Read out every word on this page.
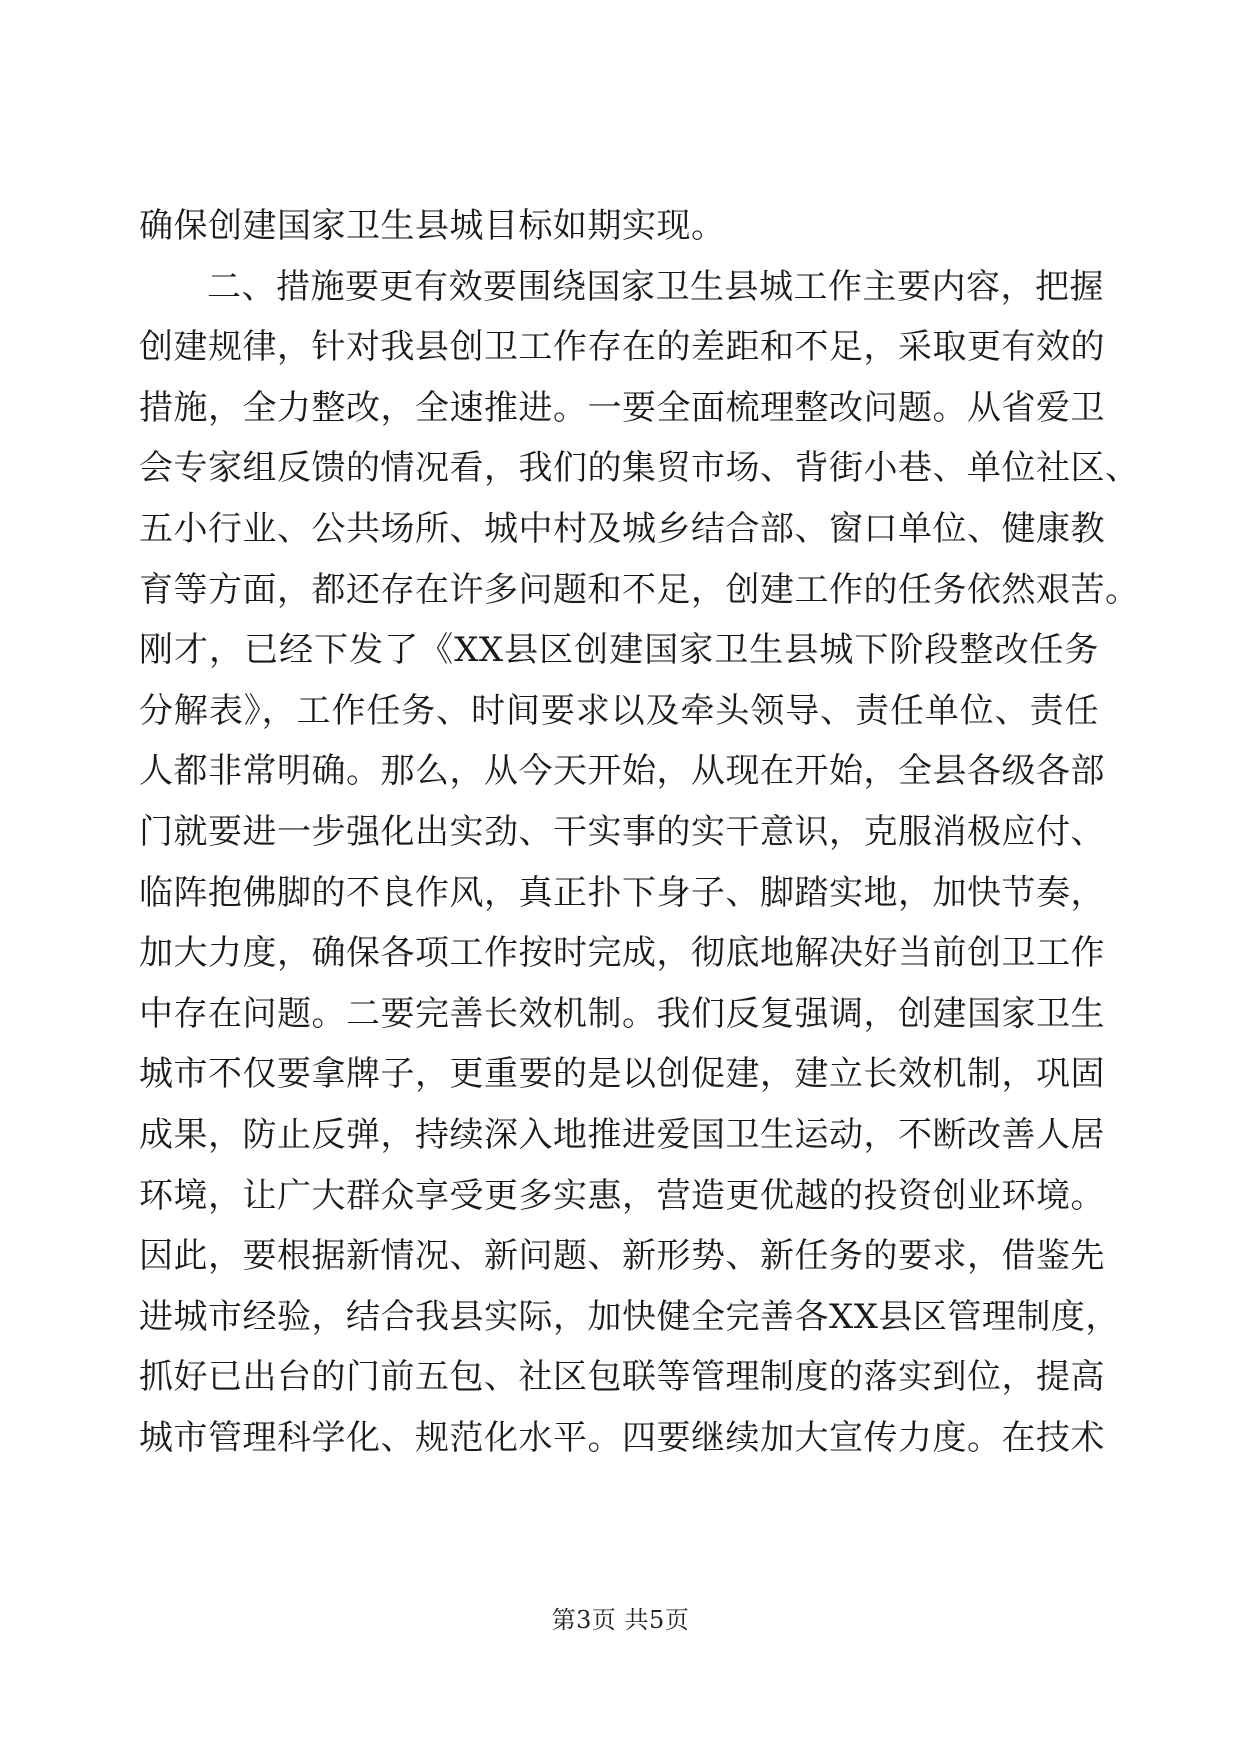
确保创建国家卫生县城目标如期实现。
二、措施要更有效要围绕国家卫生县城工作主要内容，把握
创建规律，针对我县创卫工作存在的差距和不足，采取更有效的
措施，全力整改，全速推进。一要全面梳理整改问题。从省爱卫
会专家组反馈的情况看，我们的集贸市场、背街小巷、单位社区、
五小行业、公共场所、城中村及城乡结合部、窗口单位、健康教
育等方面，都还存在许多问题和不足，创建工作的任务依然艰苦。
刚才，已经下发了《XX县区创建国家卫生县城下阶段整改任务
分解表》，工作任务、时间要求以及牵头领导、责任单位、责任
人都非常明确。那么，从今天开始，从现在开始，全县各级各部
门就要进一步强化出实劲、干实事的实干意识，克服消极应付、
临阵抱佛脚的不良作风，真正扑下身子、脚踏实地，加快节奏，
加大力度，确保各项工作按时完成，彻底地解决好当前创卫工作
中存在问题。二要完善长效机制。我们反复强调，创建国家卫生
城市不仅要拿牌子，更重要的是以创促建，建立长效机制，巩固
成果，防止反弹，持续深入地推进爱国卫生运动，不断改善人居
环境，让广大群众享受更多实惠，营造更优越的投资创业环境。
因此，要根据新情况、新问题、新形势、新任务的要求，借鉴先
进城市经验，结合我县实际，加快健全完善各XX县区管理制度，
抓好已出台的门前五包、社区包联等管理制度的落实到位，提高
城市管理科学化、规范化水平。四要继续加大宣传力度。在技术
第3页 共5页
